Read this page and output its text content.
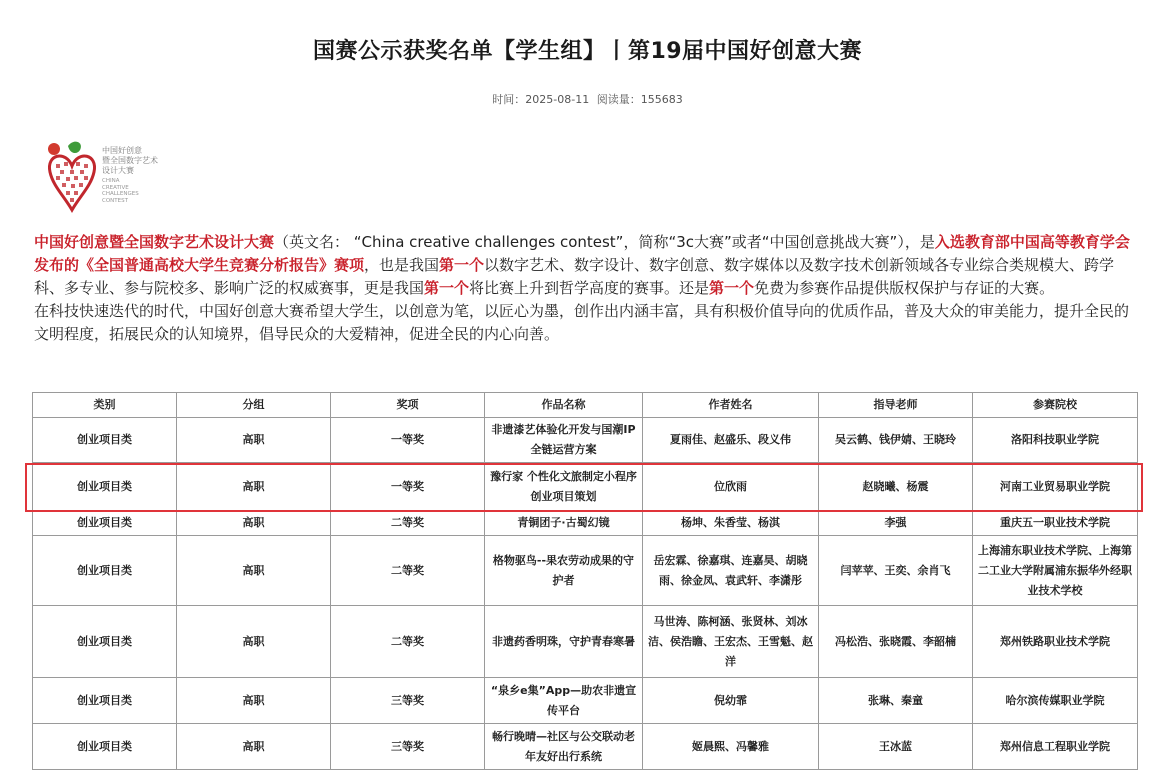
国赛公示获奖名单【学生组】丨第19届中国好创意大赛
时间：2025-08-11 阅读量：155683
中国好创意
暨全国数字艺术
设计大赛
CHINA
CREATIVE
CHALLENGES
CONTEST

中国好创意暨全国数字艺术设计大赛（英文名： “China creative challenges contest”，简称“3c大赛”或者“中国创意挑战大赛”），是入选教育部中国高等教育学会发布的《全国普通高校大学生竞赛分析报告》赛项，也是我国第一个以数字艺术、数字设计、数字创意、数字媒体以及数字技术创新领域各专业综合类规模大、跨学科、多专业、参与院校多、影响广泛的权威赛事，更是我国第一个将比赛上升到哲学高度的赛事。还是第一个免费为参赛作品提供版权保护与存证的大赛。

在科技快速迭代的时代，中国好创意大赛希望大学生，以创意为笔，以匠心为墨，创作出内涵丰富，具有积极价值导向的优质作品，普及大众的审美能力，提升全民的文明程度，拓展民众的认知境界，倡导民众的大爱精神，促进全民的内心向善。

类别	分组	奖项	作品名称	作者姓名	指导老师	参赛院校
创业项目类	高职	一等奖	非遗漆艺体验化开发与国潮IP全链运营方案	夏雨佳、赵盛乐、段义伟	吴云鹤、钱伊婧、王晓玲	洛阳科技职业学院
创业项目类	高职	一等奖	豫行家 个性化文旅制定小程序创业项目策划	位欣雨	赵晓曦、杨震	河南工业贸易职业学院
创业项目类	高职	二等奖	青铜团子·古蜀幻镜	杨坤、朱香莹、杨淇	李强	重庆五一职业技术学院
创业项目类	高职	二等奖	格物驱鸟--果农劳动成果的守护者	岳宏霖、徐嘉琪、连嘉昊、胡晓雨、徐金凤、袁武轩、李潇彤	闫苹苹、王奕、余肖飞	上海浦东职业技术学院、上海第二工业大学附属浦东振华外经职业技术学校
创业项目类	高职	二等奖	非遗药香明珠，守护青春寒暑	马世涛、陈柯涵、张贤林、刘冰洁、侯浩瞻、王宏杰、王雪魁、赵洋	冯松浩、张晓霞、李韶楠	郑州铁路职业技术学院
创业项目类	高职	三等奖	“泉乡e集”App—助农非遗宣传平台	倪幼霏	张琳、秦童	哈尔滨传媒职业学院
创业项目类	高职	三等奖	畅行晚晴—社区与公交联动老年友好出行系统	姬晨熙、冯馨雅	王冰蓝	郑州信息工程职业学院
